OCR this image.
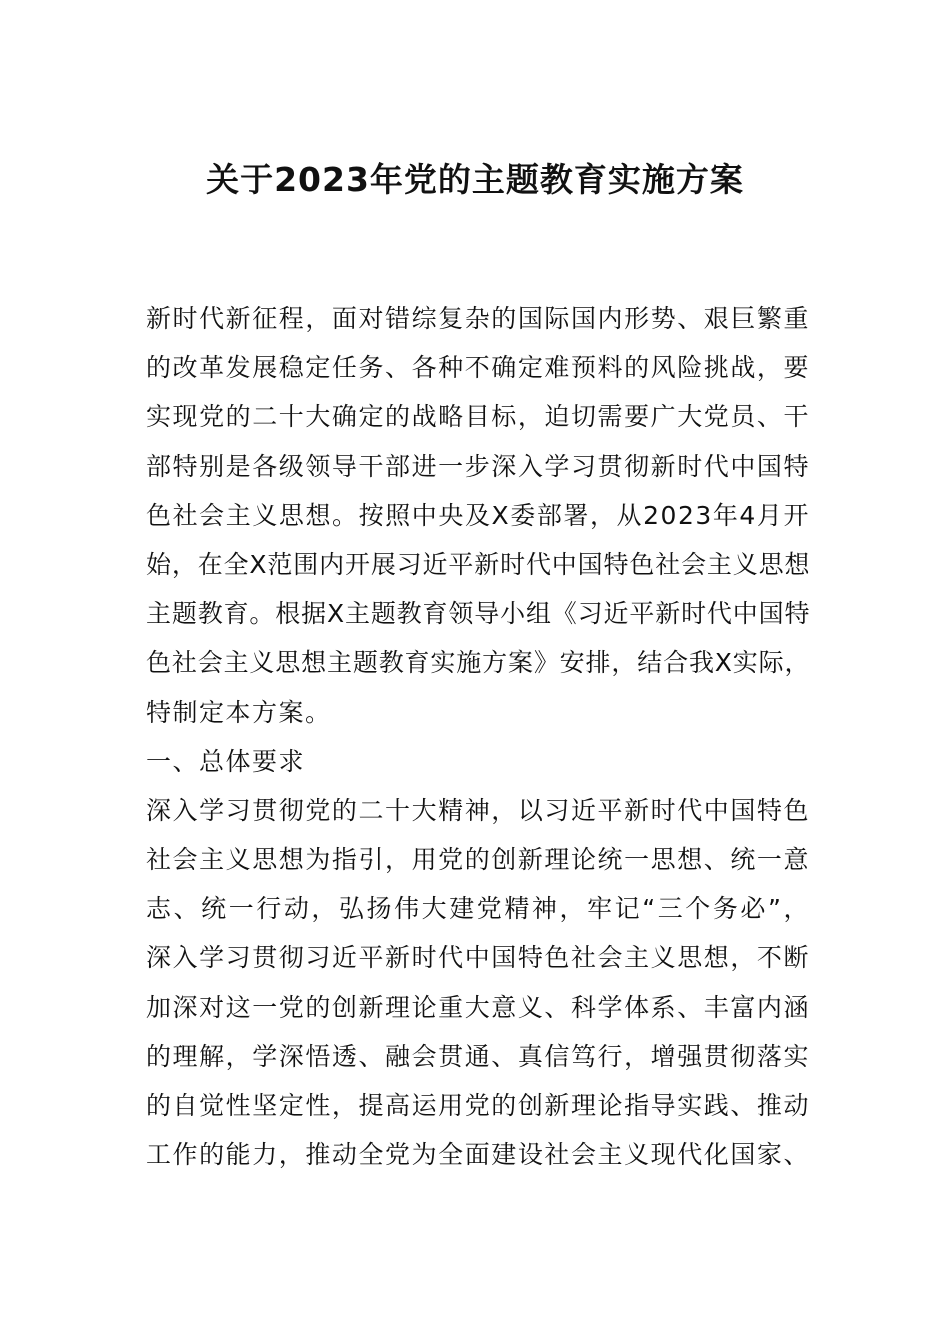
关于2023年党的主题教育实施方案
新时代新征程，面对错综复杂的国际国内形势、艰巨繁重
的改革发展稳定任务、各种不确定难预料的风险挑战，要
实现党的二十大确定的战略目标，迫切需要广大党员、干
部特别是各级领导干部进一步深入学习贯彻新时代中国特
色社会主义思想。按照中央及X委部署，从2023年4月开
始，在全X范围内开展习近平新时代中国特色社会主义思想
主题教育。根据X主题教育领导小组《习近平新时代中国特
色社会主义思想主题教育实施方案》安排，结合我X实际，
特制定本方案。
一、总体要求
深入学习贯彻党的二十大精神，以习近平新时代中国特色
社会主义思想为指引，用党的创新理论统一思想、统一意
志、统一行动，弘扬伟大建党精神，牢记“三个务必”，
深入学习贯彻习近平新时代中国特色社会主义思想，不断
加深对这一党的创新理论重大意义、科学体系、丰富内涵
的理解，学深悟透、融会贯通、真信笃行，增强贯彻落实
的自觉性坚定性，提高运用党的创新理论指导实践、推动
工作的能力，推动全党为全面建设社会主义现代化国家、
